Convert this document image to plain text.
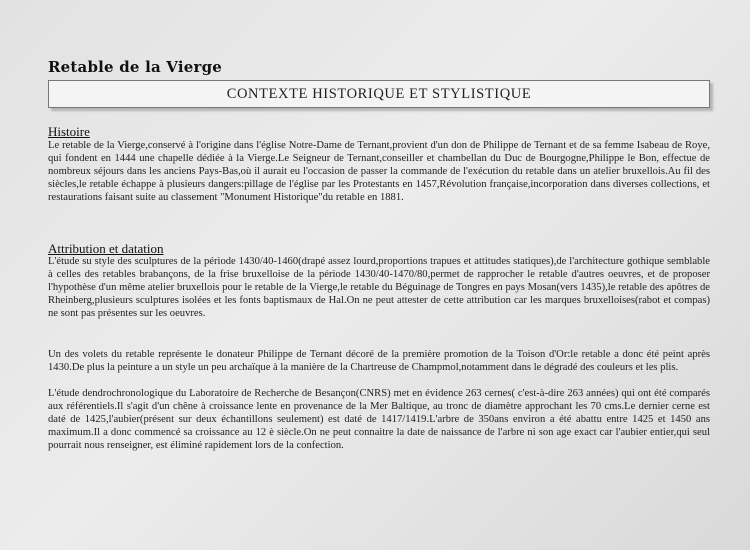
Retable de la Vierge
CONTEXTE HISTORIQUE ET STYLISTIQUE
Histoire

Le retable de la Vierge,conservé à l'origine dans l'église Notre-Dame de Ternant,provient d'un don de Philippe de Ternant et de sa femme Isabeau de Roye, qui fondent en 1444 une chapelle dédiée à la Vierge.Le Seigneur de Ternant,conseiller et chambellan du Duc de Bourgogne,Philippe le Bon, effectue de nombreux séjours dans les anciens Pays-Bas,où il aurait eu l'occasion de passer la commande de l'exécution du retable dans un atelier bruxellois.Au fil des siècles,le retable échappe à plusieurs dangers:pillage de l'église par les Protestants en 1457,Révolution française,incorporation dans diverses collections, et restaurations faisant suite au classement "Monument Historique"du retable en 1881.

Attribution et datation

L'étude su style des sculptures de la période 1430/40-1460(drapé assez lourd,proportions trapues et attitudes statiques),de l'architecture gothique semblable à celles des retables brabançons, de la frise bruxelloise de la période 1430/40-1470/80,permet de rapprocher le retable d'autres oeuvres, et de proposer l'hypothèse d'un même atelier bruxellois pour le retable de la Vierge,le retable du Béguinage de Tongres en pays Mosan(vers 1435),le retable des apôtres de Rheinberg,plusieurs sculptures isolées et les fonts baptismaux de Hal.On ne peut attester de cette attribution car les marques bruxelloises(rabot et compas) ne sont pas présentes sur les oeuvres.

Un des volets du retable représente le donateur Philippe de Ternant décoré de la première promotion de la Toison d'Or:le retable a donc été peint après 1430.De plus la peinture a un style un peu archaïque à la manière de la Chartreuse de Champmol,notamment dans le dégradé des couleurs et les plis.

L'étude dendrochronologique du Laboratoire de Recherche de Besançon(CNRS) met en évidence 263 cernes( c'est-à-dire 263 années) qui ont été comparés aux référentiels.Il s'agit d'un chêne à croissance lente en provenance de la Mer Baltique, au tronc de diamètre approchant les 70 cms.Le dernier cerne est daté de 1425,l'aubier(présent sur deux échantillons seulement) est daté de 1417/1419.L'arbre de 350ans environ a été abattu entre 1425 et 1450 ans maximum.Il a donc commencé sa croissance au 12 è siècle.On ne peut connaitre la date de naissance de l'arbre ni son age exact car l'aubier entier,qui seul pourrait nous renseigner, est éliminé rapidement lors de la confection.
